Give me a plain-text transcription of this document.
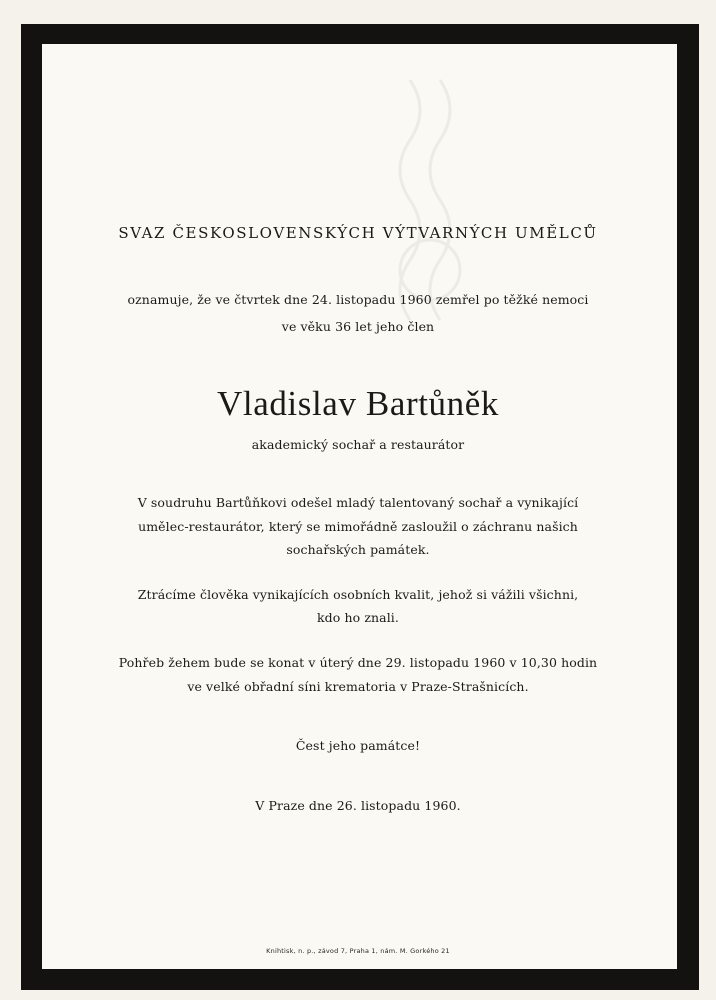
SVAZ ČESKOSLOVENSKÝCH VÝTVARNÝCH UMĚLCŮ
oznamuje, že ve čtvrtek dne 24. listopadu 1960 zemřel po těžké nemoci
ve věku 36 let jeho člen
Vladislav Bartůněk
akademický sochař a restaurátor
V soudruhu Bartůňkovi odešel mladý talentovaný sochař a vynikající
umělec-restaurátor, který se mimořádně zasloužil o záchranu našich
sochařských památek.
Ztrácíme člověka vynikajících osobních kvalit, jehož si vážili všichni,
kdo ho znali.
Pohřeb žehem bude se konat v úterý dne 29. listopadu 1960 v 10,30 hodin
ve velké obřadní síni krematoria v Praze-Strašnicích.
Čest jeho památce!
V Praze dne 26. listopadu 1960.
Knihtisk, n. p., závod 7, Praha 1, nám. M. Gorkého 21
